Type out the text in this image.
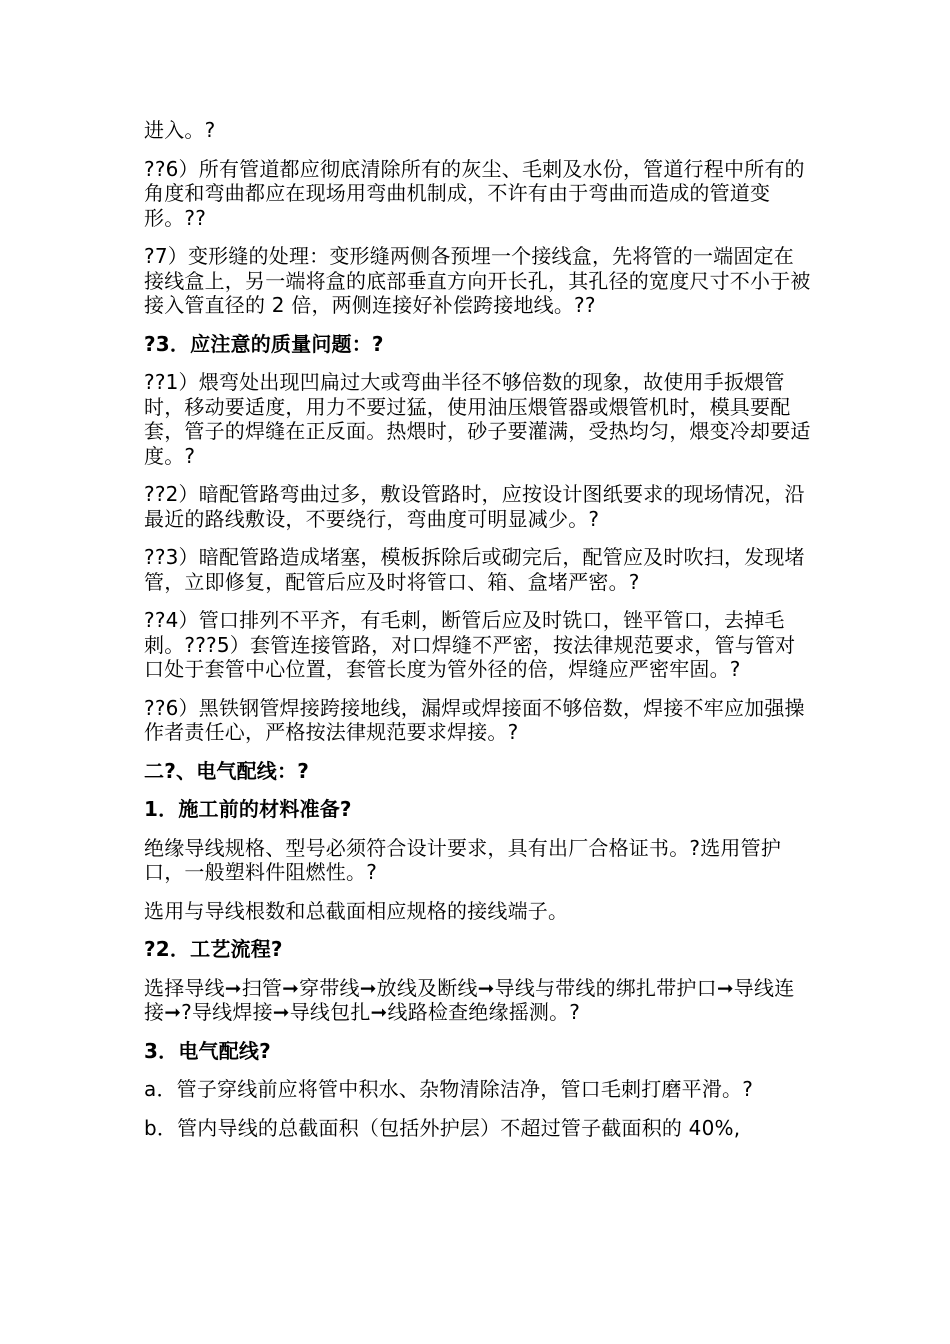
进入。?

??6）所有管道都应彻底清除所有的灰尘、毛刺及水份，管道行程中所有的角度和弯曲都应在现场用弯曲机制成，不许有由于弯曲而造成的管道变形。??

?7）变形缝的处理：变形缝两侧各预埋一个接线盒，先将管的一端固定在接线盒上，另一端将盒的底部垂直方向开长孔，其孔径的宽度尺寸不小于被接入管直径的 2 倍，两侧连接好补偿跨接地线。??

?3．应注意的质量问题：?

??1）煨弯处出现凹扁过大或弯曲半径不够倍数的现象，故使用手扳煨管时，移动要适度，用力不要过猛，使用油压煨管器或煨管机时，模具要配套，管子的焊缝在正反面。热煨时，砂子要灌满，受热均匀，煨变冷却要适度。?

??2）暗配管路弯曲过多，敷设管路时，应按设计图纸要求的现场情况，沿最近的路线敷设，不要绕行，弯曲度可明显减少。?

??3）暗配管路造成堵塞，模板拆除后或砌完后，配管应及时吹扫，发现堵管，立即修复，配管后应及时将管口、箱、盒堵严密。?

??4）管口排列不平齐，有毛刺，断管后应及时铣口，锉平管口，去掉毛刺。???5）套管连接管路，对口焊缝不严密，按法律规范要求，管与管对口处于套管中心位置，套管长度为管外径的倍，焊缝应严密牢固。?

??6）黑铁钢管焊接跨接地线，漏焊或焊接面不够倍数，焊接不牢应加强操作者责任心，严格按法律规范要求焊接。?

二?、电气配线：?

1．施工前的材料准备?

绝缘导线规格、型号必须符合设计要求，具有出厂合格证书。?选用管护口，一般塑料件阻燃性。?

选用与导线根数和总截面相应规格的接线端子。

?2．工艺流程?

选择导线➞扫管➞穿带线➞放线及断线➞导线与带线的绑扎带护口➞导线连接➞?导线焊接➞导线包扎➞线路检查绝缘摇测。?

3．电气配线?

a．管子穿线前应将管中积水、杂物清除洁净，管口毛刺打磨平滑。?

b．管内导线的总截面积（包括外护层）不超过管子截面积的 40%,
